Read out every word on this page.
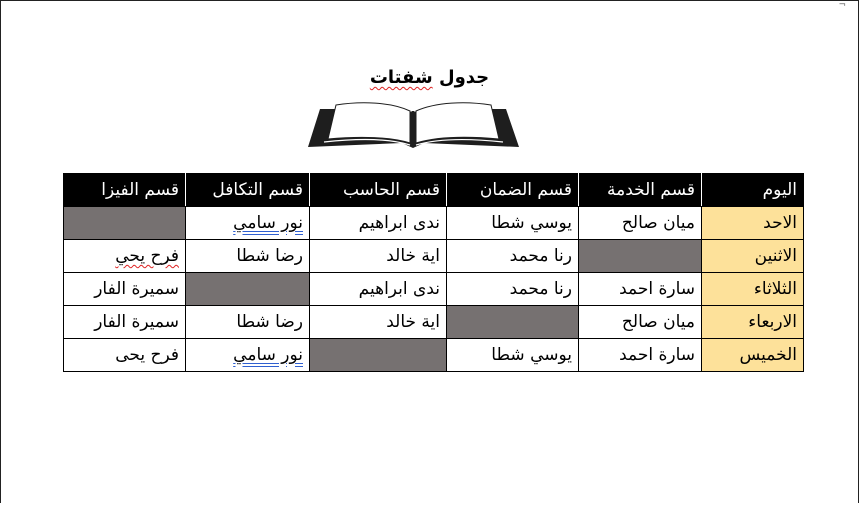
¬
جدول شفتات
اليوم	قسم الخدمة	قسم الضمان	قسم الحاسب	قسم التكافل	قسم الفيزا
الاحد	ميان صالح	يوسي شطا	ندى ابراهيم	نور سامي	
الاثنين		رنا محمد	اية خالد	رضا شطا	فرح يحي
الثلاثاء	سارة احمد	رنا محمد	ندى ابراهيم		سميرة الفار
الاربعاء	ميان صالح		اية خالد	رضا شطا	سميرة الفار
الخميس	سارة احمد	يوسي شطا		نور سامي	فرح يحى
